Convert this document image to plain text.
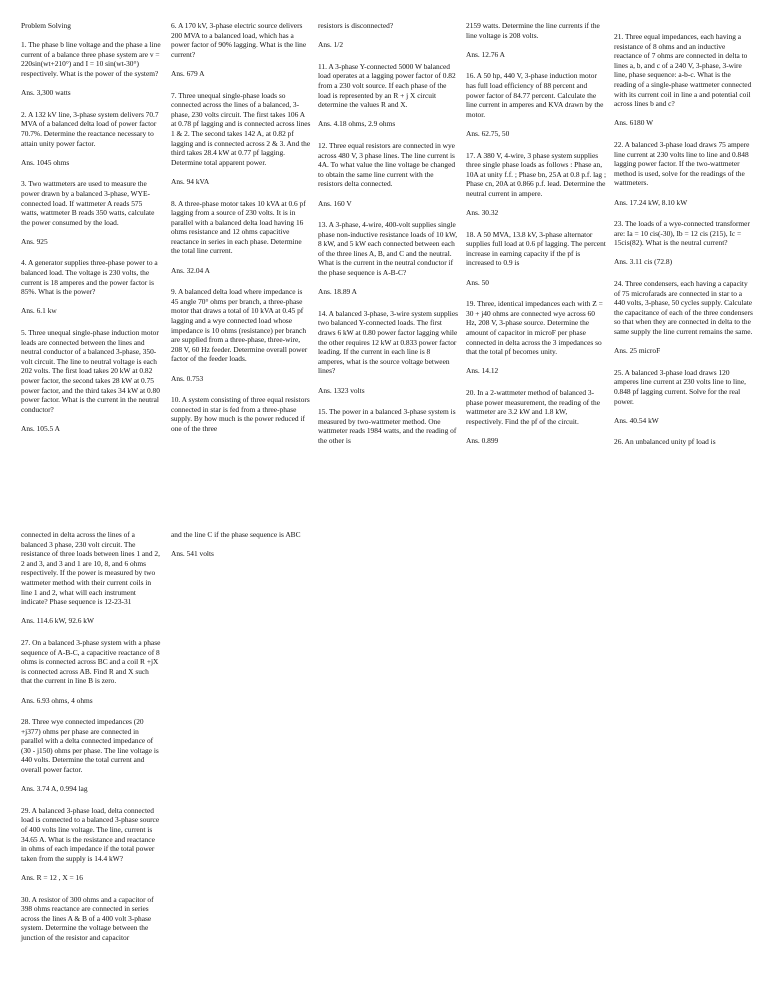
Problem Solving

1. The phase b line voltage and the phase a line current of a balance three phase system are v = 220sin(wt+210°) and I = 10 sin(wt-30°) respectively. What is the power of the system?

Ans. 3,300 watts

2. A 132 kV line, 3-phase system delivers 70.7 MVA of a balanced delta load of power factor 70.7%. Determine the reactance necessary to attain unity power factor.

Ans. 1045 ohms

3. Two wattmeters are used to measure the power drawn by a balanced 3-phase, WYE-connected load. If wattmeter A reads 575 watts, wattmeter B reads 350 watts, calculate the power consumed by the load.

Ans. 925

4. A generator supplies three-phase power to a balanced load. The voltage is 230 volts, the current is 18 amperes and the power factor is 85%. What is the power?

Ans. 6.1 kw

5. Three unequal single-phase induction motor leads are connected between the lines and neutral conductor of a balanced 3-phase, 350-volt circuit. The line to neutral voltage is each 202 volts. The first load takes 20 kW at 0.82 power factor, the second takes 28 kW at 0.75 power factor, and the third takes 34 kW at 0.80 power factor. What is the current in the neutral conductor?

Ans. 105.5 A

6. A 170 kV, 3-phase electric source delivers 200 MVA to a balanced load, which has a power factor of 90% lagging. What is the line current?

Ans. 679 A

7. Three unequal single-phase loads so connected across the lines of a balanced, 3-phase, 230 volts circuit. The first takes 106 A at 0.78 pf lagging and is connected across lines 1 & 2. The second takes 142 A, at 0.82 pf lagging and is connected across 2 & 3. And the third takes 28.4 kW at 0.77 pf lagging. Determine total apparent power.

Ans. 94 kVA

8. A three-phase motor takes 10 kVA at 0.6 pf lagging from a source of 230 volts. It is in parallel with a balanced delta load having 16 ohms resistance and 12 ohms capacitive reactance in series in each phase. Determine the total line current.

Ans. 32.04 A

9. A balanced delta load where impedance is 45 angle 70° ohms per branch, a three-phase motor that draws a total of 10 kVA at 0.45 pf lagging and a wye connected load whose impedance is 10 ohms (resistance) per branch are supplied from a three-phase, three-wire, 208 V, 60 Hz feeder. Determine overall power factor of the feeder loads.

Ans. 0.753

10. A system consisting of three equal resistors connected in star is fed from a three-phase supply. By how much is the power reduced if one of the three

resistors is disconnected?

Ans. 1/2

11. A 3-phase Y-connected 5000 W balanced load operates at a lagging power factor of 0.82 from a 230 volt source. If each phase of the load is represented by an R + j X circuit determine the values R and X.

Ans. 4.18 ohms, 2.9 ohms

12. Three equal resistors are connected in wye across 480 V, 3 phase lines. The line current is 4A. To what value the line voltage be changed to obtain the same line current with the resistors delta connected.

Ans. 160 V

13. A 3-phase, 4-wire, 400-volt supplies single phase non-inductive resistance loads of 10 kW, 8 kW, and 5 kW each connected between each of the three lines A, B, and C and the neutral. What is the current in the neutral conductor if the phase sequence is A-B-C?

Ans. 18.89 A

14. A balanced 3-phase, 3-wire system supplies two balanced Y-connected loads. The first draws 6 kW at 0.80 power factor lagging while the other requires 12 kW at 0.833 power factor leading. If the current in each line is 8 amperes, what is the source voltage between lines?

Ans. 1323 volts

15. The power in a balanced 3-phase system is measured by two-wattmeter method. One wattmeter reads 1984 watts, and the reading of the other is

2159 watts. Determine the line currents if the line voltage is 208 volts.

Ans. 12.76 A

16. A 50 hp, 440 V, 3-phase induction motor has full load efficiency of 88 percent and power factor of 84.77 percent. Calculate the line current in amperes and KVA drawn by the motor.

Ans. 62.75, 50

17. A 380 V, 4-wire, 3 phase system supplies three single phase loads as follows : Phase an, 10A at unity f.f. ; Phase bn, 25A at 0.8 p.f. lag ; Phase cn, 20A at 0.866 p.f. lead. Determine the neutral current in ampere.

Ans. 30.32

18. A 50 MVA, 13.8 kV, 3-phase alternator supplies full load at 0.6 pf lagging. The percent increase in earning capacity if the pf is increased to 0.9 is

Ans. 50

19. Three, identical impedances each with Z = 30 + j40 ohms are connected wye across 60 Hz, 208 V, 3-phase source. Determine the amount of capacitor in microF per phase connected in delta across the 3 impedances so that the total pf becomes unity.

Ans. 14.12

20. In a 2-wattmeter method of balanced 3-phase power measurement, the reading of the wattmeter are 3.2 kW and 1.8 kW, respectively. Find the pf of the circuit.

Ans. 0.899

21. Three equal impedances, each having a resistance of 8 ohms and an inductive reactance of 7 ohms are connected in delta to lines a, b, and c of a 240 V, 3-phase, 3-wire line, phase sequence: a-b-c. What is the reading of a single-phase wattmeter connected with its current coil in line a and potential coil across lines b and c?

Ans. 6180 W

22. A balanced 3-phase load draws 75 ampere line current at 230 volts line to line and 0.848 lagging power factor. If the two-wattmeter method is used, solve for the readings of the wattmeters.

Ans. 17.24 kW, 8.10 kW

23. The loads of a wye-connected transformer are: Ia = 10 cis(-30), Ib = 12 cis (215), Ic = 15cis(82). What is the neutral current?

Ans. 3.11 cis (72.8)

24. Three condensers, each having a capacity of 75 microfarads are connected in star to a 440 volts, 3-phase, 50 cycles supply. Calculate the capacitance of each of the three condensers so that when they are connected in delta to the same supply the line current remains the same.

Ans. 25 microF

25. A balanced 3-phase load draws 120 amperes line current at 230 volts line to line, 0.848 pf lagging current. Solve for the real power.

Ans. 40.54 kW

26. An unbalanced unity pf load is

connected in delta across the lines of a balanced 3 phase, 230 volt circuit. The resistance of three loads between lines 1 and 2, 2 and 3, and 3 and 1 are 10, 8, and 6 ohms respectively. If the power is measured by two wattmeter method with their current coils in line 1 and 2, what will each instrument indicate? Phase sequence is 12-23-31

Ans. 114.6 kW, 92.6 kW

27. On a balanced 3-phase system with a phase sequence of A-B-C, a capacitive reactance of 8 ohms is connected across BC and a coil R +jX is connected across AB. Find R and X such that the current in line B is zero.

Ans. 6.93 ohms, 4 ohms

28. Three wye connected impedances (20 +j377) ohms per phase are connected in parallel with a delta connected impedance of (30 - j150) ohms per phase. The line voltage is 440 volts. Determine the total current and overall power factor.

Ans. 3.74 A, 0.994 lag

29. A balanced 3-phase load, delta connected load is connected to a balanced 3-phase source of 400 volts line voltage. The line, current is 34.65 A. What is the resistance and reactance in ohms of each impedance if the total power taken from the supply is 14.4 kW?

Ans. R = 12 , X = 16

30. A resistor of 300 ohms and a capacitor of 398 ohms reactance are connected in series across the lines A & B of a 400 volt 3-phase system. Determine the voltage between the junction of the resistor and capacitor

and the line C if the phase sequence is ABC

Ans. 541 volts
